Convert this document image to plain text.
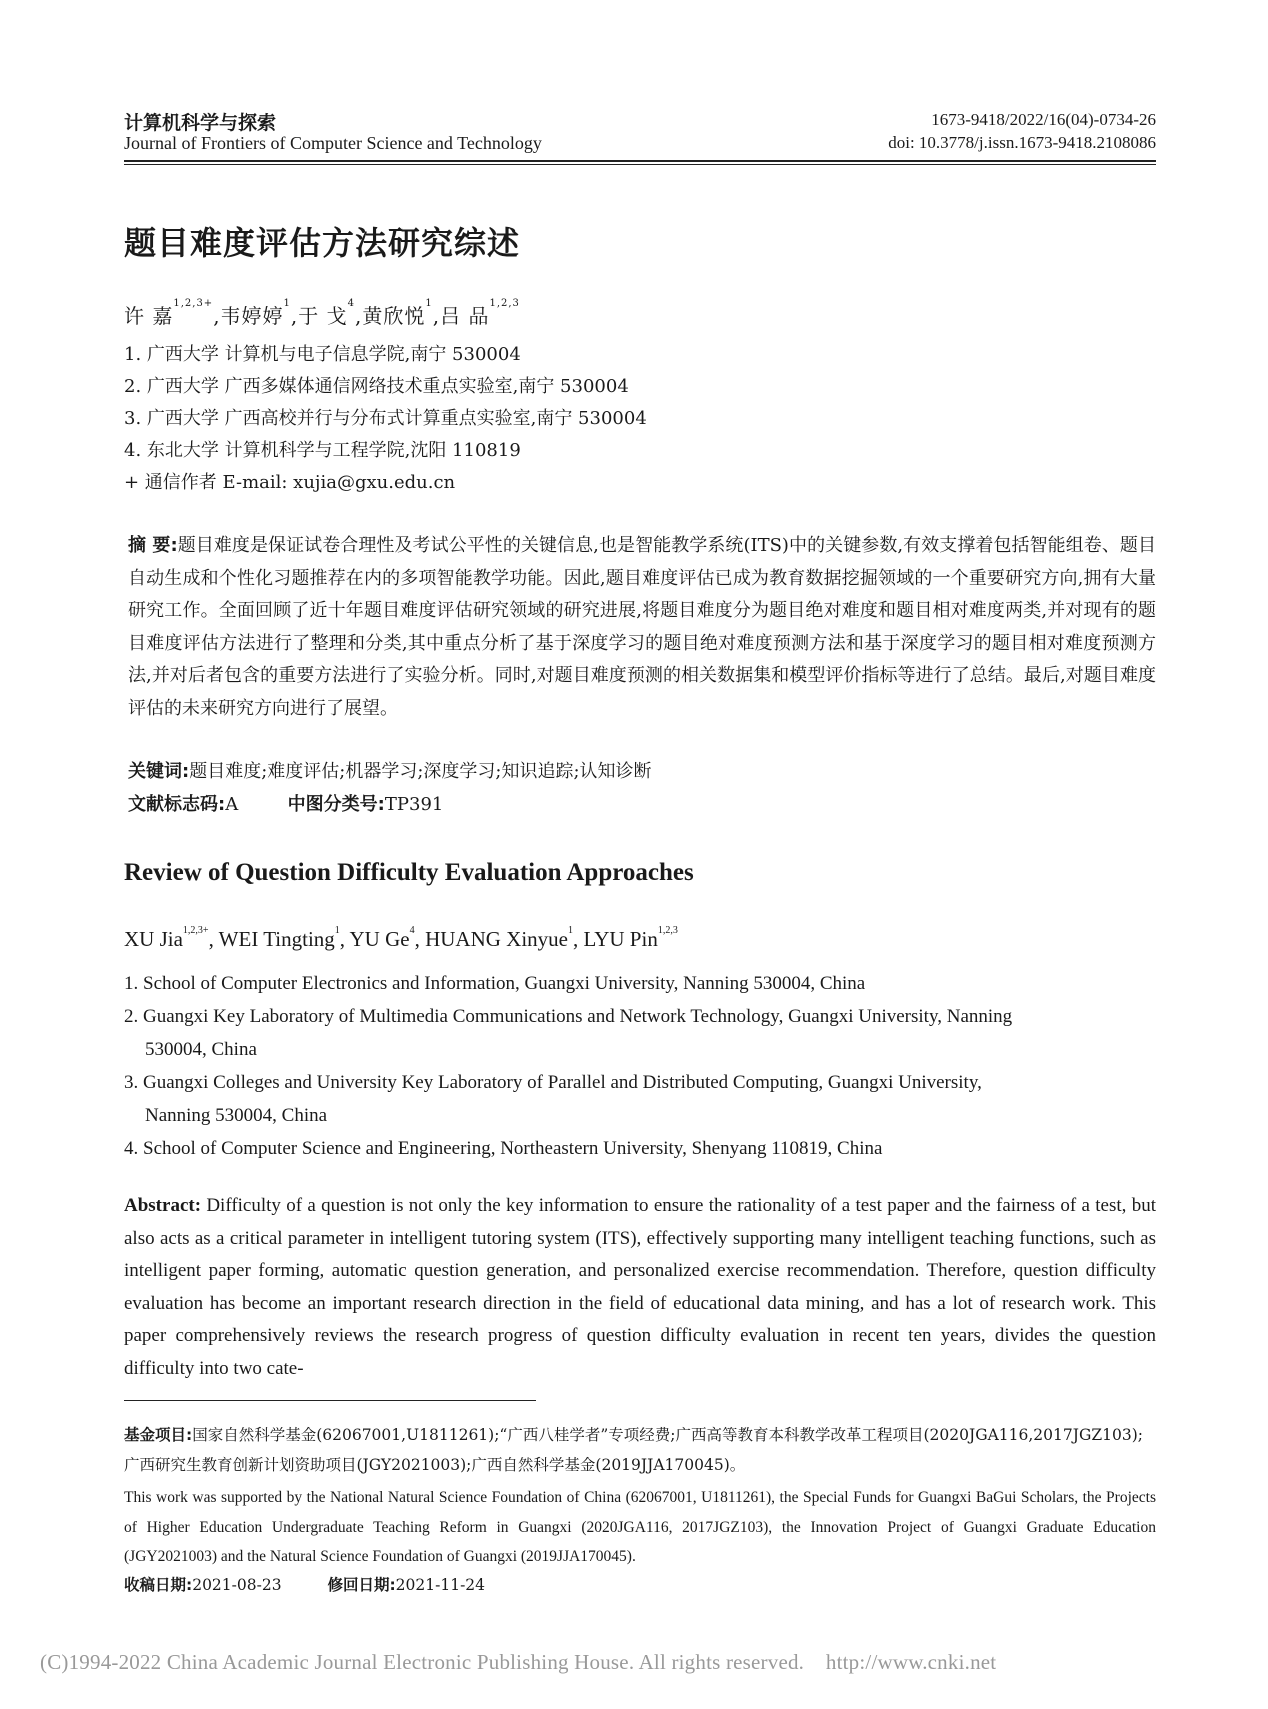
计算机科学与探索
Journal of Frontiers of Computer Science and Technology
1673-9418/2022/16(04)-0734-26
doi: 10.3778/j.issn.1673-9418.2108086
题目难度评估方法研究综述
许 嘉$^{1,2,3+}$,韦婷婷$^1$,于 戈$^4$,黄欣悦$^1$,吕 品$^{1,2,3}$
1. 广西大学 计算机与电子信息学院,南宁 530004
2. 广西大学 广西多媒体通信网络技术重点实验室,南宁 530004
3. 广西大学 广西高校并行与分布式计算重点实验室,南宁 530004
4. 东北大学 计算机科学与工程学院,沈阳 110819
+ 通信作者 E-mail: xujia@gxu.edu.cn
摘 要:题目难度是保证试卷合理性及考试公平性的关键信息,也是智能教学系统(ITS)中的关键参数,有效支撑着包括智能组卷、题目自动生成和个性化习题推荐在内的多项智能教学功能。因此,题目难度评估已成为教育数据挖掘领域的一个重要研究方向,拥有大量研究工作。全面回顾了近十年题目难度评估研究领域的研究进展,将题目难度分为题目绝对难度和题目相对难度两类,并对现有的题目难度评估方法进行了整理和分类,其中重点分析了基于深度学习的题目绝对难度预测方法和基于深度学习的题目相对难度预测方法,并对后者包含的重要方法进行了实验分析。同时,对题目难度预测的相关数据集和模型评价指标等进行了总结。最后,对题目难度评估的未来研究方向进行了展望。
关键词:题目难度;难度评估;机器学习;深度学习;知识追踪;认知诊断
文献标志码:A	中图分类号:TP391
Review of Question Difficulty Evaluation Approaches
XU Jia$^{1,2,3+}$, WEI Tingting$^1$, YU Ge$^4$, HUANG Xinyue$^1$, LYU Pin$^{1,2,3}$
1. School of Computer Electronics and Information, Guangxi University, Nanning 530004, China
2. Guangxi Key Laboratory of Multimedia Communications and Network Technology, Guangxi University, Nanning
530004, China
3. Guangxi Colleges and University Key Laboratory of Parallel and Distributed Computing, Guangxi University,
Nanning 530004, China
4. School of Computer Science and Engineering, Northeastern University, Shenyang 110819, China
Abstract: Difficulty of a question is not only the key information to ensure the rationality of a test paper and the fairness of a test, but also acts as a critical parameter in intelligent tutoring system (ITS), effectively supporting many intelligent teaching functions, such as intelligent paper forming, automatic question generation, and personalized exercise recommendation. Therefore, question difficulty evaluation has become an important research direction in the field of educational data mining, and has a lot of research work. This paper comprehensively reviews the research progress of question difficulty evaluation in recent ten years, divides the question difficulty into two cate-
基金项目:国家自然科学基金(62067001,U1811261);“广西八桂学者”专项经费;广西高等教育本科教学改革工程项目(2020JGA116,2017JGZ103);广西研究生教育创新计划资助项目(JGY2021003);广西自然科学基金(2019JJA170045)。
This work was supported by the National Natural Science Foundation of China (62067001, U1811261), the Special Funds for Guangxi BaGui Scholars, the Projects of Higher Education Undergraduate Teaching Reform in Guangxi (2020JGA116, 2017JGZ103), the Innovation Project of Guangxi Graduate Education (JGY2021003) and the Natural Science Foundation of Guangxi (2019JJA170045).
收稿日期:2021-08-23	修回日期:2021-11-24
(C)1994-2022 China Academic Journal Electronic Publishing House. All rights reserved.    http://www.cnki.net
